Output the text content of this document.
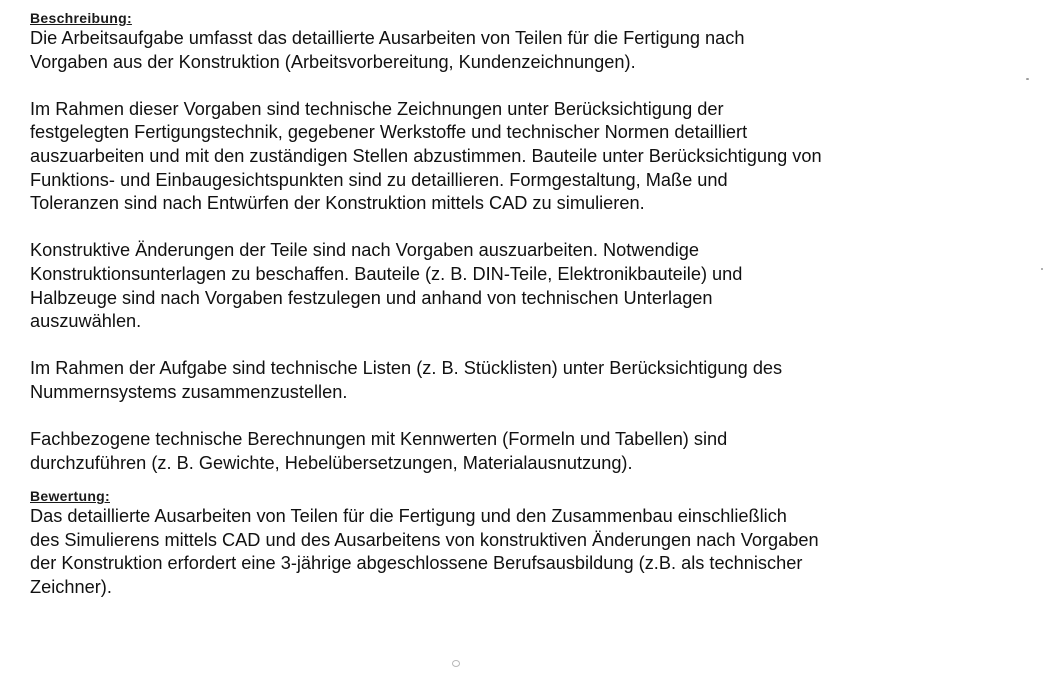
Beschreibung:

Die Arbeitsaufgabe umfasst das detaillierte Ausarbeiten von Teilen für die Fertigung nach
Vorgaben aus der Konstruktion (Arbeitsvorbereitung, Kundenzeichnungen).

Im Rahmen dieser Vorgaben sind technische Zeichnungen unter Berücksichtigung der
festgelegten Fertigungstechnik, gegebener Werkstoffe und technischer Normen detailliert
auszuarbeiten und mit den zuständigen Stellen abzustimmen. Bauteile unter Berücksichtigung von
Funktions- und Einbaugesichtspunkten sind zu detaillieren. Formgestaltung, Maße und
Toleranzen sind nach Entwürfen der Konstruktion mittels CAD zu simulieren.

Konstruktive Änderungen der Teile sind nach Vorgaben auszuarbeiten. Notwendige
Konstruktionsunterlagen zu beschaffen. Bauteile (z. B. DIN-Teile, Elektronikbauteile) und
Halbzeuge sind nach Vorgaben festzulegen und anhand von technischen Unterlagen
auszuwählen.

Im Rahmen der Aufgabe sind technische Listen (z. B. Stücklisten) unter Berücksichtigung des
Nummernsystems zusammenzustellen.

Fachbezogene technische Berechnungen mit Kennwerten (Formeln und Tabellen) sind
durchzuführen (z. B. Gewichte, Hebelübersetzungen, Materialausnutzung).

Bewertung:

Das detaillierte Ausarbeiten von Teilen für die Fertigung und den Zusammenbau einschließlich
des Simulierens mittels CAD und des Ausarbeitens von konstruktiven Änderungen nach Vorgaben
der Konstruktion erfordert eine 3-jährige abgeschlossene Berufsausbildung (z.B. als technischer
Zeichner).
